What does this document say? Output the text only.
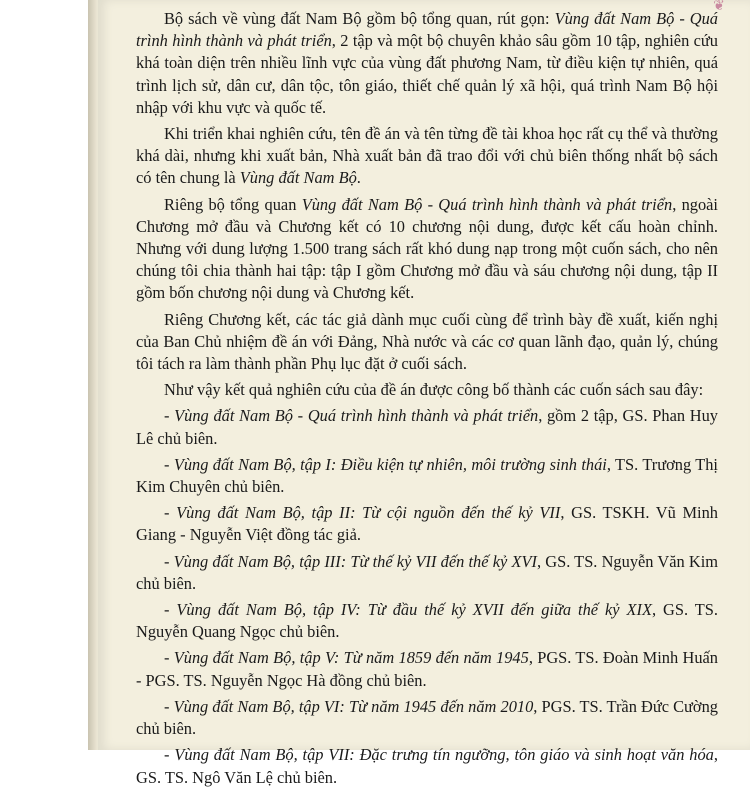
❦

Bộ sách về vùng đất Nam Bộ gồm bộ tổng quan, rút gọn: Vùng đất Nam Bộ - Quá trình hình thành và phát triển, 2 tập và một bộ chuyên khảo sâu gồm 10 tập, nghiên cứu khá toàn diện trên nhiều lĩnh vực của vùng đất phương Nam, từ điều kiện tự nhiên, quá trình lịch sử, dân cư, dân tộc, tôn giáo, thiết chế quản lý xã hội, quá trình Nam Bộ hội nhập với khu vực và quốc tế.

Khi triển khai nghiên cứu, tên đề án và tên từng đề tài khoa học rất cụ thể và thường khá dài, nhưng khi xuất bản, Nhà xuất bản đã trao đổi với chủ biên thống nhất bộ sách có tên chung là Vùng đất Nam Bộ.

Riêng bộ tổng quan Vùng đất Nam Bộ - Quá trình hình thành và phát triển, ngoài Chương mở đầu và Chương kết có 10 chương nội dung, được kết cấu hoàn chỉnh. Nhưng với dung lượng 1.500 trang sách rất khó dung nạp trong một cuốn sách, cho nên chúng tôi chia thành hai tập: tập I gồm Chương mở đầu và sáu chương nội dung, tập II gồm bốn chương nội dung và Chương kết.

Riêng Chương kết, các tác giả dành mục cuối cùng để trình bày đề xuất, kiến nghị của Ban Chủ nhiệm đề án với Đảng, Nhà nước và các cơ quan lãnh đạo, quản lý, chúng tôi tách ra làm thành phần Phụ lục đặt ở cuối sách.

Như vậy kết quả nghiên cứu của đề án được công bố thành các cuốn sách sau đây:

- Vùng đất Nam Bộ - Quá trình hình thành và phát triển, gồm 2 tập, GS. Phan Huy Lê chủ biên.

- Vùng đất Nam Bộ, tập I: Điều kiện tự nhiên, môi trường sinh thái, TS. Trương Thị Kim Chuyên chủ biên.

- Vùng đất Nam Bộ, tập II: Từ cội nguồn đến thế kỷ VII, GS. TSKH. Vũ Minh Giang - Nguyễn Việt đồng tác giả.

- Vùng đất Nam Bộ, tập III: Từ thế kỷ VII đến thế kỷ XVI, GS. TS. Nguyễn Văn Kim chủ biên.

- Vùng đất Nam Bộ, tập IV: Từ đầu thế kỷ XVII đến giữa thế kỷ XIX, GS. TS. Nguyễn Quang Ngọc chủ biên.

- Vùng đất Nam Bộ, tập V: Từ năm 1859 đến năm 1945, PGS. TS. Đoàn Minh Huấn - PGS. TS. Nguyễn Ngọc Hà đồng chủ biên.

- Vùng đất Nam Bộ, tập VI: Từ năm 1945 đến năm 2010, PGS. TS. Trần Đức Cường chủ biên.

- Vùng đất Nam Bộ, tập VII: Đặc trưng tín ngưỡng, tôn giáo và sinh hoạt văn hóa, GS. TS. Ngô Văn Lệ chủ biên.
